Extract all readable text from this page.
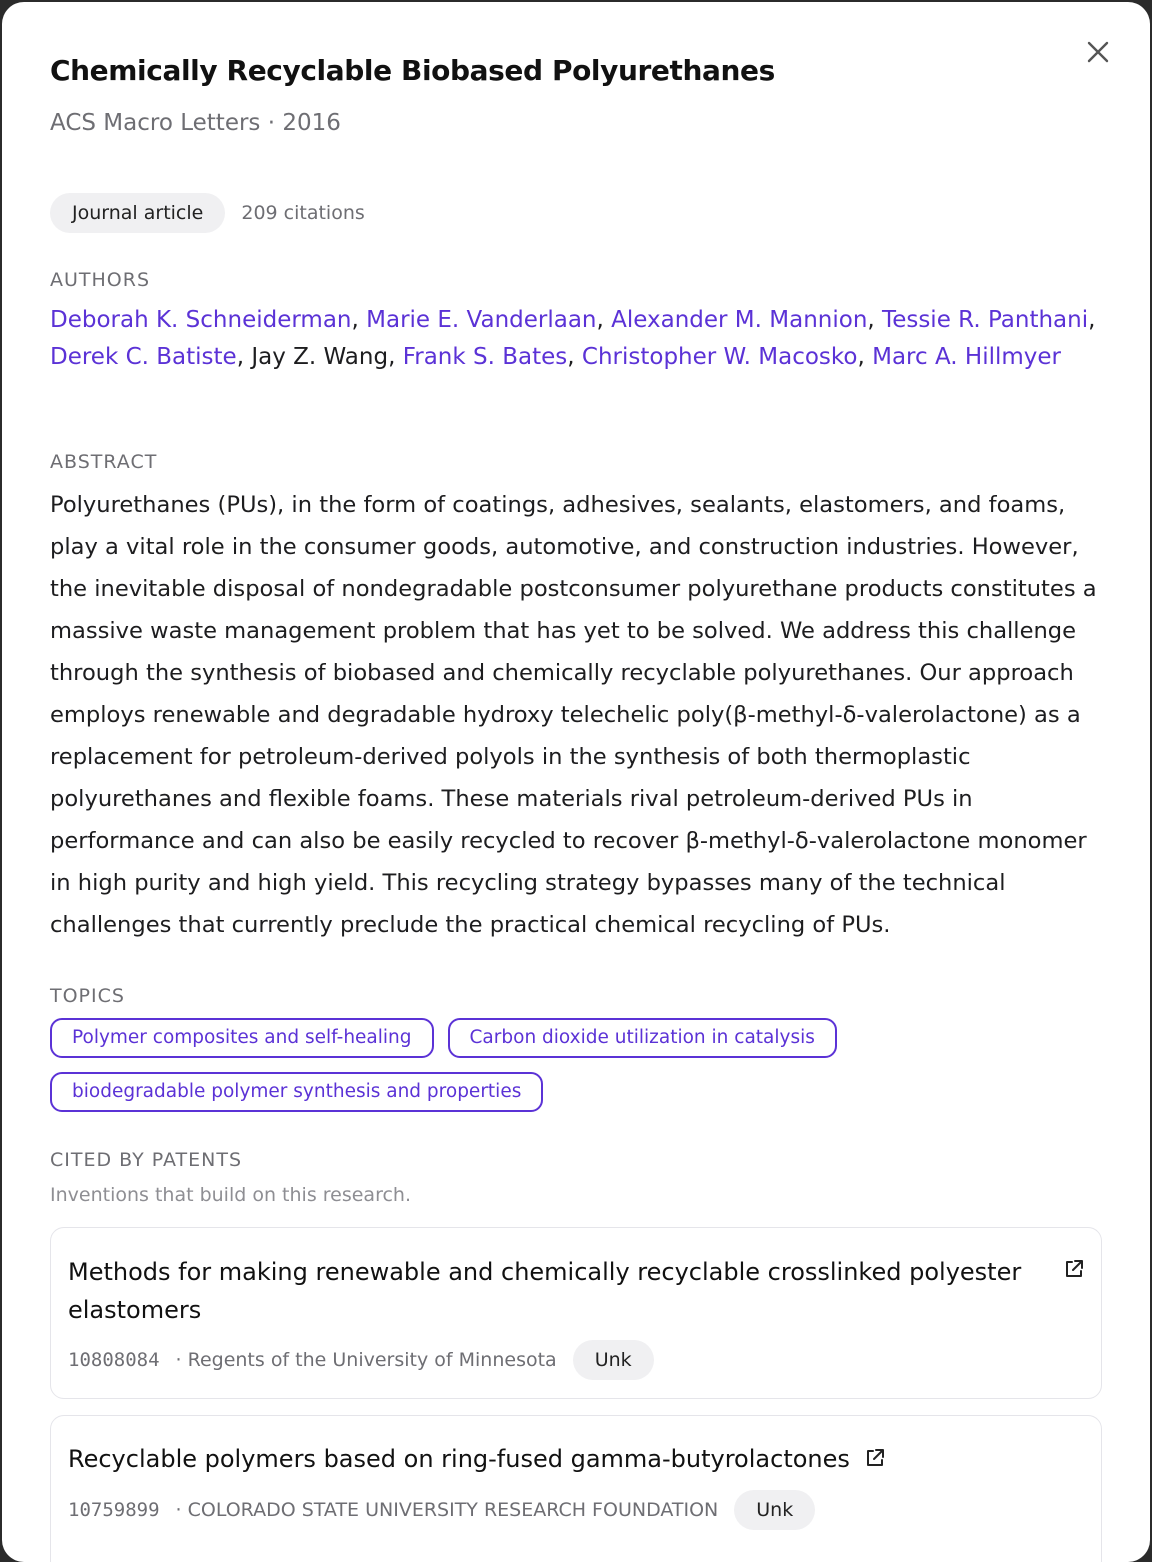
Chemically Recyclable Biobased Polyurethanes
ACS Macro Letters · 2016
Journal article	209 citations
AUTHORS
Deborah K. Schneiderman, Marie E. Vanderlaan, Alexander M. Mannion, Tessie R. Panthani, Derek C. Batiste, Jay Z. Wang, Frank S. Bates, Christopher W. Macosko, Marc A. Hillmyer
ABSTRACT

Polyurethanes (PUs), in the form of coatings, adhesives, sealants, elastomers, and foams, play a vital role in the consumer goods, automotive, and construction industries. However, the inevitable disposal of nondegradable postconsumer polyurethane products constitutes a massive waste management problem that has yet to be solved. We address this challenge through the synthesis of biobased and chemically recyclable polyurethanes. Our approach employs renewable and degradable hydroxy telechelic poly(β-methyl-δ-valerolactone) as a replacement for petroleum-derived polyols in the synthesis of both thermoplastic polyurethanes and flexible foams. These materials rival petroleum-derived PUs in performance and can also be easily recycled to recover β-methyl-δ-valerolactone monomer in high purity and high yield. This recycling strategy bypasses many of the technical challenges that currently preclude the practical chemical recycling of PUs.

TOPICS
Polymer composites and self-healing	Carbon dioxide utilization in catalysis
biodegradable polymer synthesis and properties
CITED BY PATENTS
Inventions that build on this research.
Methods for making renewable and chemically recyclable crosslinked polyester elastomers
10808084 · Regents of the University of Minnesota	Unk
Recyclable polymers based on ring-fused gamma-butyrolactones
10759899 · COLORADO STATE UNIVERSITY RESEARCH FOUNDATION	Unk
